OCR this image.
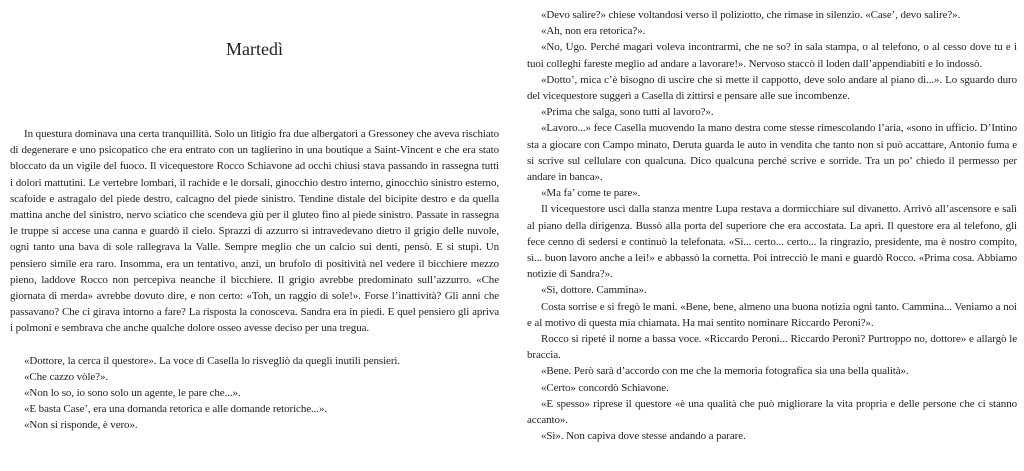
Martedì

In questura dominava una certa tranquillità. Solo un litigio fra due albergatori a Gressoney che aveva rischiato di degenerare e uno psicopatico che era entrato con un taglierino in una boutique a Saint-Vincent e che era stato bloccato da un vigile del fuoco. Il vicequestore Rocco Schiavone ad occhi chiusi stava passando in rassegna tutti i dolori mattutini. Le vertebre lombari, il rachide e le dorsali, ginocchio destro interno, ginocchio sinistro esterno, scafoide e astragalo del piede destro, calcagno del piede sinistro. Tendine distale del bicipite destro e da quella mattina anche del sinistro, nervo sciatico che scendeva giù per il gluteo fino al piede sinistro. Passate in rassegna le truppe si accese una canna e guardò il cielo. Sprazzi di azzurro si intravedevano dietro il grigio delle nuvole, ogni tanto una bava di sole rallegrava la Valle. Sempre meglio che un calcio sui denti, pensò. E si stupì. Un pensiero simile era raro. Insomma, era un tentativo, anzi, un brufolo di positività nel vedere il bicchiere mezzo pieno, laddove Rocco non percepiva neanche il bicchiere. Il grigio avrebbe predominato sull’azzurro. «Che giornata di merda» avrebbe dovuto dire, e non certo: «Toh, un raggio di sole!». Forse l’inattività? Gli anni che passavano? Che ci girava intorno a fare? La risposta la conosceva. Sandra era in piedi. E quel pensiero gli apriva i polmoni e sembrava che anche qualche dolore osseo avesse deciso per una tregua.

«Dottore, la cerca il questore». La voce di Casella lo risvegliò da quegli inutili pensieri.

«Che cazzo vòle?».

«Non lo so, io sono solo un agente, le pare che...».

«E basta Case’, era una domanda retorica e alle domande retoriche...».

«Non si risponde, è vero».

«Devo salire?» chiese voltandosi verso il poliziotto, che rimase in silenzio. «Case’, devo salire?».

«Ah, non era retorica?».

«No, Ugo. Perché magari voleva incontrarmi, che ne so? in sala stampa, o al telefono, o al cesso dove tu e i tuoi colleghi fareste meglio ad andare a lavorare!». Nervoso staccò il loden dall’appendiabiti e lo indossò.

«Dotto’, mica c’è bisogno di uscire che si mette il cappotto, deve solo andare al piano di...». Lo sguardo duro del vicequestore suggerì a Casella di zittirsi e pensare alle sue incombenze.

«Prima che salga, sono tutti al lavoro?».

«Lavoro...» fece Casella muovendo la mano destra come stesse rimescolando l’aria, «sono in ufficio. D’Intino sta a giocare con Campo minato, Deruta guarda le auto in vendita che tanto non si può accattare, Antonio fuma e si scrive sul cellulare con qualcuna. Dico qualcuna perché scrive e sorride. Tra un po’ chiedo il permesso per andare in banca».

«Ma fa’ come te pare».

Il vicequestore uscì dalla stanza mentre Lupa restava a dormicchiare sul divanetto. Arrivò all’ascensore e salì al piano della dirigenza. Bussò alla porta del superiore che era accostata. La aprì. Il questore era al telefono, gli fece cenno di sedersi e continuò la telefonata. «Sì... certo... certo... la ringrazio, presidente, ma è nostro compito, sì... buon lavoro anche a lei!» e abbassò la cornetta. Poi intrecciò le mani e guardò Rocco. «Prima cosa. Abbiamo notizie di Sandra?».

«Sì, dottore. Cammina».

Costa sorrise e si fregò le mani. «Bene, bene, almeno una buona notizia ogni tanto. Cammina... Veniamo a noi e al motivo di questa mia chiamata. Ha mai sentito nominare Riccardo Peroni?».

Rocco si ripeté il nome a bassa voce. «Riccardo Peroni... Riccardo Peroni? Purtroppo no, dottore» e allargò le braccia.

«Bene. Però sarà d’accordo con me che la memoria fotografica sia una bella qualità».

«Certo» concordò Schiavone.

«E spesso» riprese il questore «è una qualità che può migliorare la vita propria e delle persone che ci stanno accanto».

«Sì». Non capiva dove stesse andando a parare.
